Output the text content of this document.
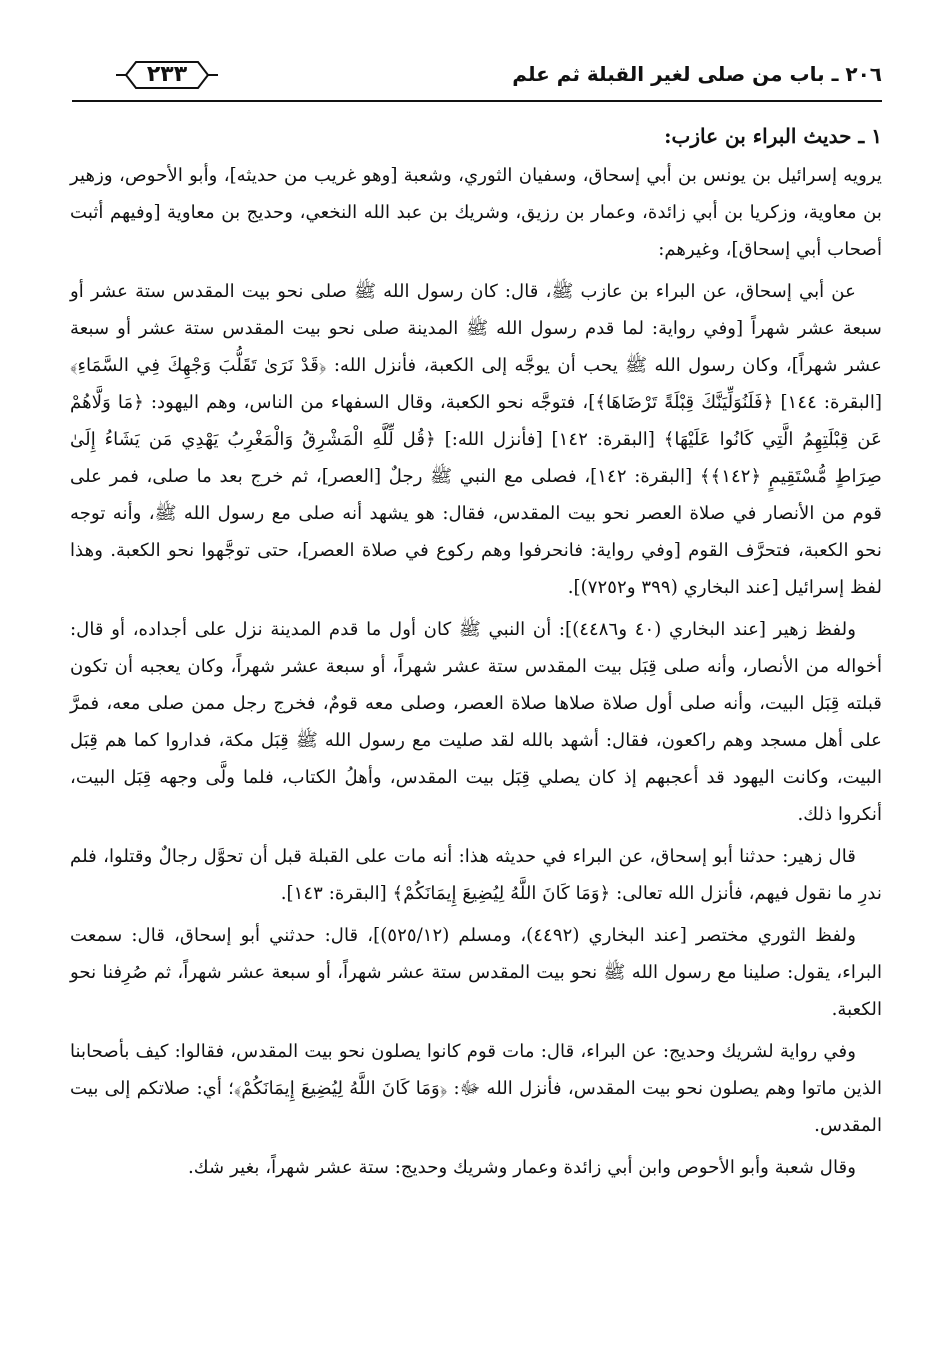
٢٠٦ ـ باب من صلى لغير القبلة ثم علم
٢٣٣

١ ـ حديث البراء بن عازب:

يرويه إسرائيل بن يونس بن أبي إسحاق، وسفيان الثوري، وشعبة [وهو غريب من حديثه]، وأبو الأحوص، وزهير بن معاوية، وزكريا بن أبي زائدة، وعمار بن رزيق، وشريك بن عبد الله النخعي، وحديج بن معاوية [وفيهم أثبت أصحاب أبي إسحاق]، وغيرهم:

عن أبي إسحاق، عن البراء بن عازب ﷺ، قال: كان رسول الله ﷺ صلى نحو بيت المقدس ستة عشر أو سبعة عشر شهراً [وفي رواية: لما قدم رسول الله ﷺ المدينة صلى نحو بيت المقدس ستة عشر أو سبعة عشر شهراً]، وكان رسول الله ﷺ يحب أن يوجَّه إلى الكعبة، فأنزل الله: ﴿قَدْ نَرَىٰ تَقَلُّبَ وَجْهِكَ فِي السَّمَاءِ﴾ [البقرة: ١٤٤] ﴿فَلَنُوَلِّيَنَّكَ قِبْلَةً تَرْضَاهَا﴾]، فتوجَّه نحو الكعبة، وقال السفهاء من الناس، وهم اليهود: ﴿مَا وَلَّاهُمْ عَن قِبْلَتِهِمُ الَّتِي كَانُوا عَلَيْهَا﴾ [البقرة: ١٤٢] [فأنزل الله:] ﴿قُل لِّلَّهِ الْمَشْرِقُ وَالْمَغْرِبُ يَهْدِي مَن يَشَاءُ إِلَىٰ صِرَاطٍ مُّسْتَقِيمٍ ﴿١٤٢﴾﴾ [البقرة: ١٤٢]، فصلى مع النبي ﷺ رجلٌ [العصر]، ثم خرج بعد ما صلى، فمر على قوم من الأنصار في صلاة العصر نحو بيت المقدس، فقال: هو يشهد أنه صلى مع رسول الله ﷺ، وأنه توجه نحو الكعبة، فتحرَّف القوم [وفي رواية: فانحرفوا وهم ركوع في صلاة العصر]، حتى توجَّهوا نحو الكعبة. وهذا لفظ إسرائيل [عند البخاري (٣٩٩ و٧٢٥٢)].

ولفظ زهير [عند البخاري (٤٠ و٤٤٨٦)]: أن النبي ﷺ كان أول ما قدم المدينة نزل على أجداده، أو قال: أخواله من الأنصار، وأنه صلى قِبَل بيت المقدس ستة عشر شهراً، أو سبعة عشر شهراً، وكان يعجبه أن تكون قبلته قِبَل البيت، وأنه صلى أول صلاة صلاها صلاة العصر، وصلى معه قومٌ، فخرج رجل ممن صلى معه، فمرَّ على أهل مسجد وهم راكعون، فقال: أشهد بالله لقد صليت مع رسول الله ﷺ قِبَل مكة، فداروا كما هم قِبَل البيت، وكانت اليهود قد أعجبهم إذ كان يصلي قِبَل بيت المقدس، وأهلُ الكتاب، فلما ولَّى وجهه قِبَل البيت، أنكروا ذلك.

قال زهير: حدثنا أبو إسحاق، عن البراء في حديثه هذا: أنه مات على القبلة قبل أن تحوَّل رجالٌ وقتلوا، فلم ندرِ ما نقول فيهم، فأنزل الله تعالى: ﴿وَمَا كَانَ اللَّهُ لِيُضِيعَ إِيمَانَكُمْ﴾ [البقرة: ١٤٣].

ولفظ الثوري مختصر [عند البخاري (٤٤٩٢)، ومسلم (٥٢٥/١٢)]، قال: حدثني أبو إسحاق، قال: سمعت البراء، يقول: صلينا مع رسول الله ﷺ نحو بيت المقدس ستة عشر شهراً، أو سبعة عشر شهراً، ثم صُرِفنا نحو الكعبة.

وفي رواية لشريك وحديج: عن البراء، قال: مات قوم كانوا يصلون نحو بيت المقدس، فقالوا: كيف بأصحابنا الذين ماتوا وهم يصلون نحو بيت المقدس، فأنزل الله ﷻ: ﴿وَمَا كَانَ اللَّهُ لِيُضِيعَ إِيمَانَكُمْ﴾؛ أي: صلاتكم إلى بيت المقدس.

وقال شعبة وأبو الأحوص وابن أبي زائدة وعمار وشريك وحديج: ستة عشر شهراً، بغير شك.
